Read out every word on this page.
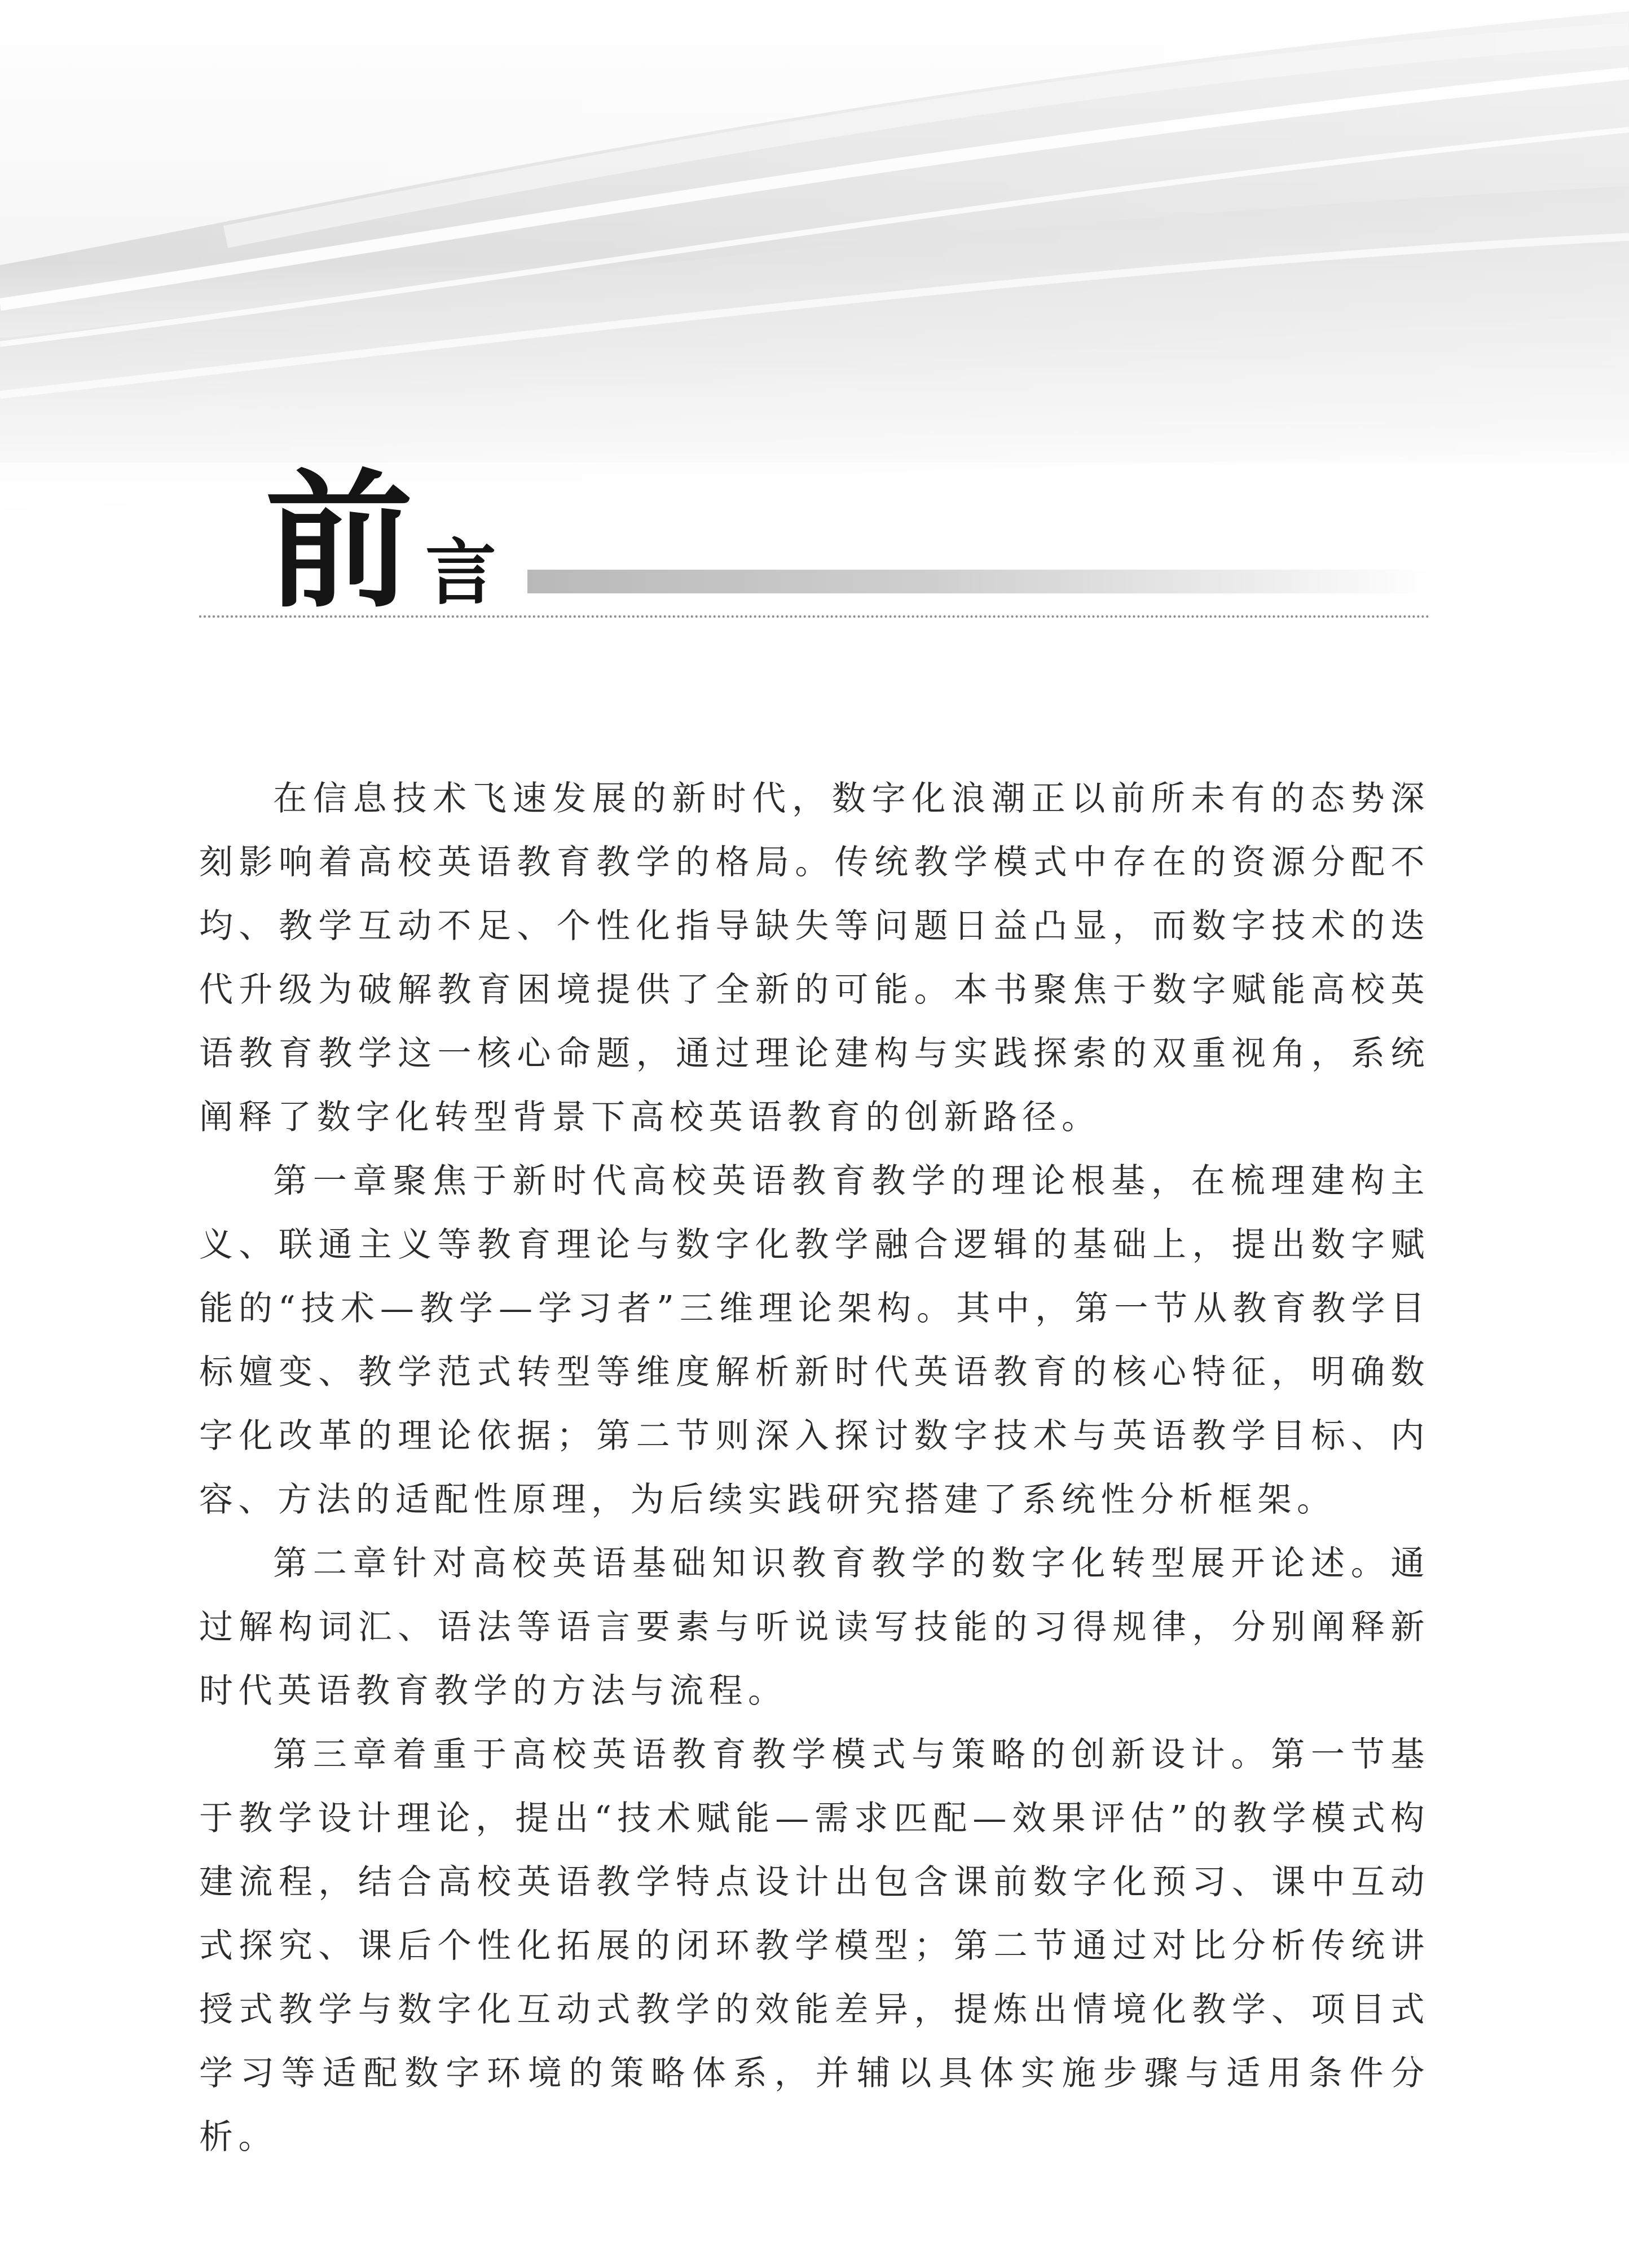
前 言

在信息技术飞速发展的新时代，数字化浪潮正以前所未有的态势深刻影响着高校英语教育教学的格局。传统教学模式中存在的资源分配不均、教学互动不足、个性化指导缺失等问题日益凸显，而数字技术的迭代升级为破解教育困境提供了全新的可能。本书聚焦于数字赋能高校英语教育教学这一核心命题，通过理论建构与实践探索的双重视角，系统阐释了数字化转型背景下高校英语教育的创新路径。

第一章聚焦于新时代高校英语教育教学的理论根基，在梳理建构主义、联通主义等教育理论与数字化教学融合逻辑的基础上，提出数字赋能的“技术—教学—学习者”三维理论架构。其中，第一节从教育教学目标嬗变、教学范式转型等维度解析新时代英语教育的核心特征，明确数字化改革的理论依据；第二节则深入探讨数字技术与英语教学目标、内容、方法的适配性原理，为后续实践研究搭建了系统性分析框架。

第二章针对高校英语基础知识教育教学的数字化转型展开论述。通过解构词汇、语法等语言要素与听说读写技能的习得规律，分别阐释新时代英语教育教学的方法与流程。

第三章着重于高校英语教育教学模式与策略的创新设计。第一节基于教学设计理论，提出“技术赋能—需求匹配—效果评估”的教学模式构建流程，结合高校英语教学特点设计出包含课前数字化预习、课中互动式探究、课后个性化拓展的闭环教学模型；第二节通过对比分析传统讲授式教学与数字化互动式教学的效能差异，提炼出情境化教学、项目式学习等适配数字环境的策略体系，并辅以具体实施步骤与适用条件分析。
